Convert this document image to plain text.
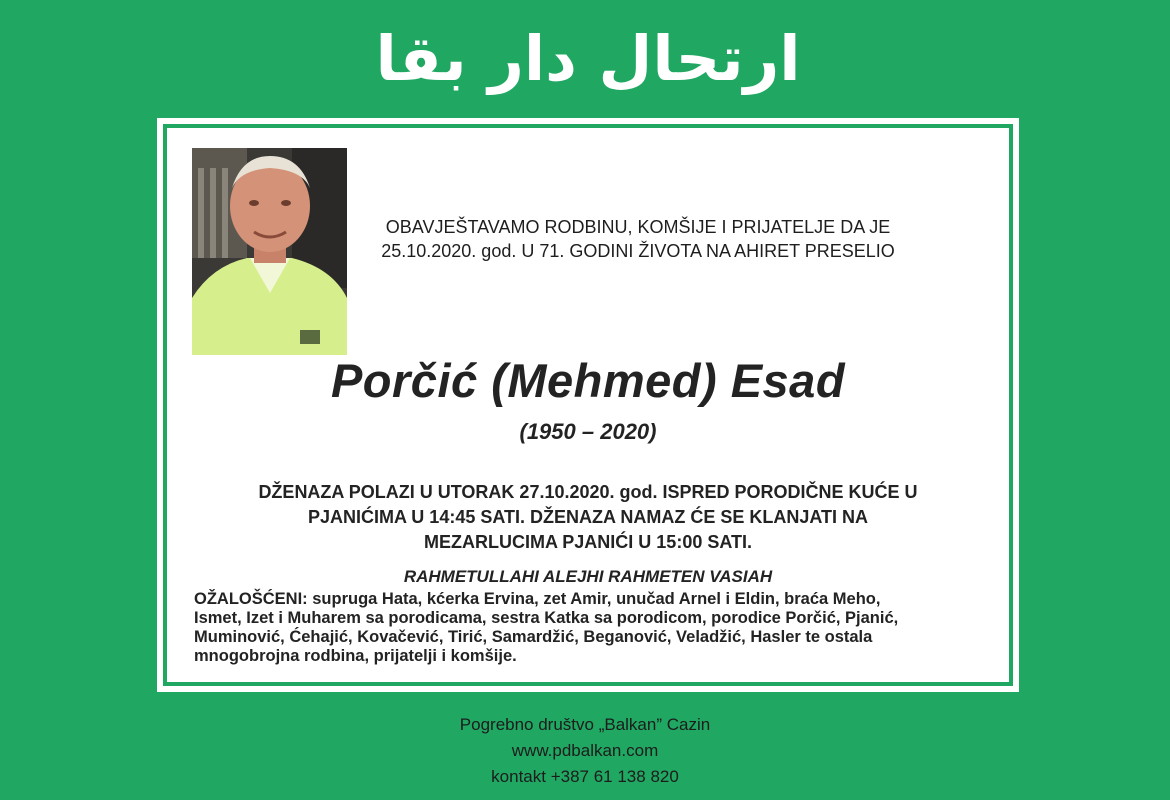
ارتحال دار بقا
OBAVJEŠTAVAMO RODBINU, KOMŠIJE I PRIJATELJE DA JE
25.10.2020. god. U 71. GODINI ŽIVOTA NA AHIRET PRESELIO
Porčić (Mehmed) Esad
(1950 – 2020)
DŽENAZA POLAZI U UTORAK 27.10.2020. god. ISPRED PORODIČNE KUĆE U
PJANIĆIMA U 14:45 SATI. DŽENAZA NAMAZ ĆE SE KLANJATI NA
MEZARLUCIMA PJANIĆI U 15:00 SATI.
RAHMETULLAHI ALEJHI RAHMETEN VASIAH
OŽALOŠĆENI: supruga Hata, kćerka Ervina, zet Amir, unučad Arnel i Eldin, braća Meho,
Ismet, Izet i Muharem sa porodicama, sestra Katka sa porodicom, porodice Porčić, Pjanić,
Muminović, Ćehajić, Kovačević, Tirić, Samardžić, Beganović, Veladžić, Hasler te ostala
mnogobrojna rodbina, prijatelji i komšije.
Pogrebno društvo „Balkan” Cazin
www.pdbalkan.com
kontakt +387 61 138 820
